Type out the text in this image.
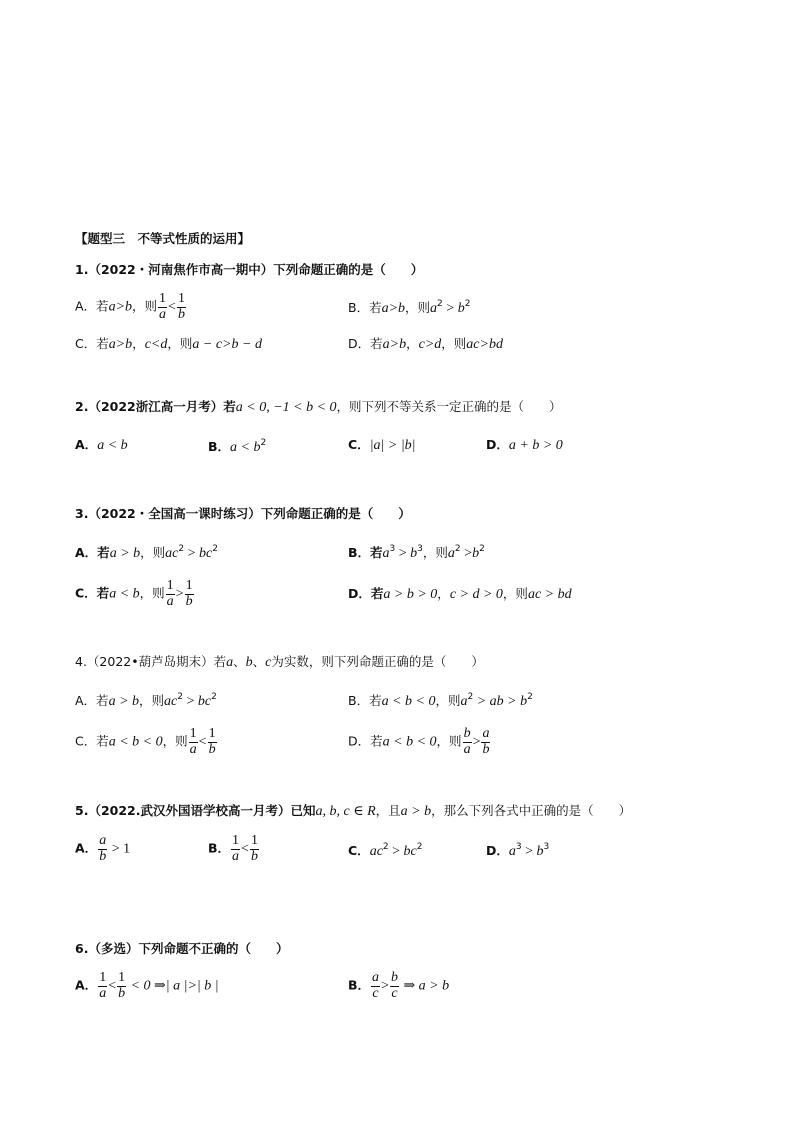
【题型三　不等式性质的运用】
1.（2022・河南焦作市高一期中）下列命题正确的是（　　）
A．若a>b，则 $\frac{1}{a} < \frac{1}{b}$	B．若a>b，则$a^2 > b^2$
C．若a>b，c<d，则a − c>b − d	D．若a>b，c>d，则ac>bd
2.（2022浙江高一月考）若a < 0, −1 < b < 0，则下列不等关系一定正确的是（　　）
A．a < b	B．$a < b^2$	C．|a| > |b|	D．a + b > 0
3.（2022・全国高一课时练习）下列命题正确的是（　　）
A．若a > b，则$ac^2 > bc^2$	B．若$a^3 > b^3$，则$a^2 >b^2$
C．若a < b，则 $\frac{1}{a} > \frac{1}{b}$	D．若a > b > 0，c > d > 0，则ac > bd
4.（2022•葫芦岛期末）若a、b、c为实数，则下列命题正确的是（　　）
A．若a > b，则$ac^2 > bc^2$	B．若a < b < 0，则$a^2$ > ab > $b^2$
C．若a < b < 0，则 $\frac{1}{a} < \frac{1}{b}$	D．若a < b < 0，则 $\frac{b}{a} > \frac{a}{b}$
5.（2022.武汉外国语学校高一月考）已知a, b, c ∈ R，且a > b，那么下列各式中正确的是（　　）
A． $\frac{a}{b} > 1$	B． $\frac{1}{a} < \frac{1}{b}$	C．$ac^2 > bc^2$	D．$a^3 > b^3$
6.（多选）下列命题不正确的（　　）
A． $\frac{1}{a} < \frac{1}{b} < 0$ ⇒| a |>| b |	B． $\frac{a}{c} > \frac{b}{c}$ ⇒ a > b
